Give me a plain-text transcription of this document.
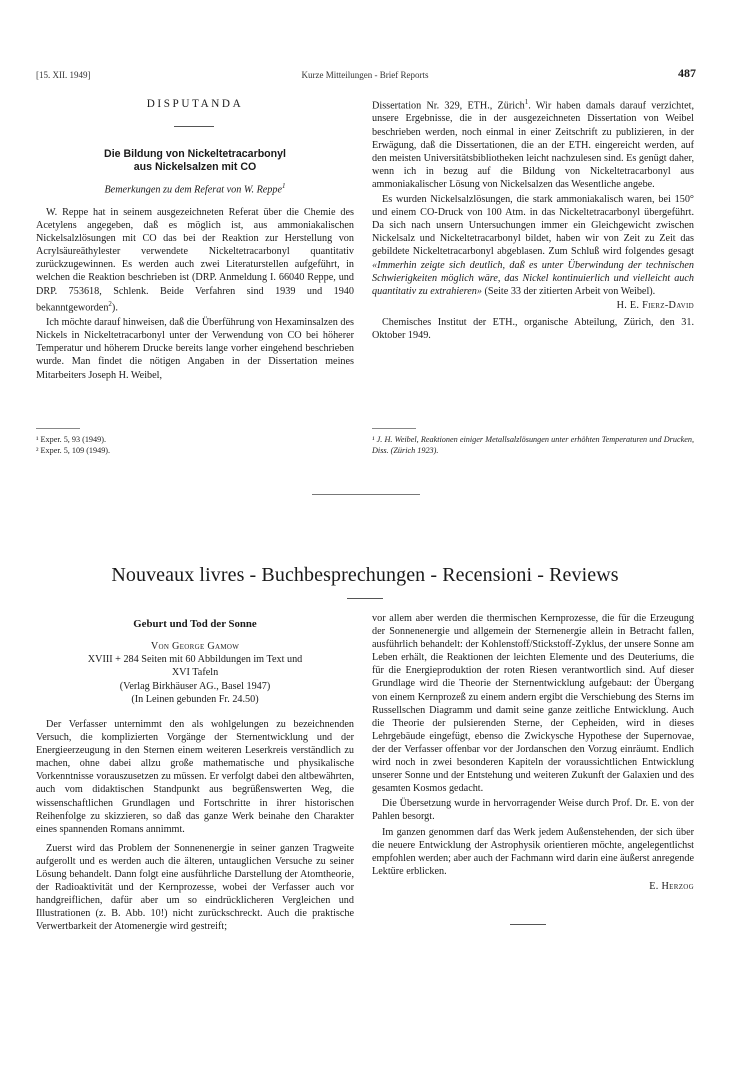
[15. XII. 1949]	Kurze Mitteilungen - Brief Reports	487
DISPUTANDA
Die Bildung von Nickeltetracarbonyl
aus Nickelsalzen mit CO
Bemerkungen zu dem Referat von W. Reppe$^1$

W. Reppe hat in seinem ausgezeichneten Referat über die Chemie des Acetylens angegeben, daß es möglich ist, aus ammoniakalischen Nickelsalzlösungen mit CO das bei der Reaktion zur Herstellung von Acrylsäureäthylester verwendete Nickeltetracarbonyl quantitativ zurückzugewinnen. Es werden auch zwei Literaturstellen aufgeführt, in welchen die Reaktion beschrieben ist (DRP. Anmeldung I. 66040 Reppe, und DRP. 753618, Schlenk. Beide Verfahren sind 1939 und 1940 bekanntgeworden$^2$).

Ich möchte darauf hinweisen, daß die Überführung von Hexaminsalzen des Nickels in Nickeltetracarbonyl unter der Verwendung von CO bei höherer Temperatur und höherem Drucke bereits lange vorher eingehend beschrieben wurde. Man findet die nötigen Angaben in der Dissertation meines Mitarbeiters Joseph H. Weibel,

Dissertation Nr. 329, ETH., Zürich$^1$. Wir haben damals darauf verzichtet, unsere Ergebnisse, die in der ausgezeichneten Dissertation von Weibel beschrieben werden, noch einmal in einer Zeitschrift zu publizieren, in der Erwägung, daß die Dissertationen, die an der ETH. eingereicht werden, auf den meisten Universitätsbibliotheken leicht nachzulesen sind. Es genügt daher, wenn ich in bezug auf die Bildung von Nickeltetracarbonyl aus ammoniakalischer Lösung von Nickelsalzen das Wesentliche angebe.

Es wurden Nickelsalzlösungen, die stark ammoniakalisch waren, bei 150° und einem CO-Druck von 100 Atm. in das Nickeltetracarbonyl übergeführt. Da sich nach unsern Untersuchungen immer ein Gleichgewicht zwischen Nickelsalz und Nickeltetracarbonyl bildet, haben wir von Zeit zu Zeit das gebildete Nickeltetracarbonyl abgeblasen. Zum Schluß wird folgendes gesagt «Immerhin zeigte sich deutlich, daß es unter Überwindung der technischen Schwierigkeiten möglich wäre, das Nickel kontinuierlich und vielleicht auch quantitativ zu extrahieren» (Seite 33 der zitierten Arbeit von Weibel).

H. E. Fierz-David

Chemisches Institut der ETH., organische Abteilung, Zürich, den 31. Oktober 1949.

¹ Exper. 5, 93 (1949).
² Exper. 5, 109 (1949).
¹ J. H. Weibel, Reaktionen einiger Metallsalzlösungen unter erhöhten Temperaturen und Drucken, Diss. (Zürich 1923).
Nouveaux livres - Buchbesprechungen - Recensioni - Reviews
Geburt und Tod der Sonne
Von George Gamow
XVIII + 284 Seiten mit 60 Abbildungen im Text und
XVI Tafeln
(Verlag Birkhäuser AG., Basel 1947)
(In Leinen gebunden Fr. 24.50)

Der Verfasser unternimmt den als wohlgelungen zu bezeichnenden Versuch, die komplizierten Vorgänge der Sternentwicklung und der Energieerzeugung in den Sternen einem weiteren Leserkreis verständlich zu machen, ohne dabei allzu große mathematische und physikalische Vorkenntnisse vorauszusetzen zu müssen. Er verfolgt dabei den altbewährten, auch vom didaktischen Standpunkt aus begrüßenswerten Weg, die wissenschaftlichen Grundlagen und Fortschritte in ihrer historischen Reihenfolge zu skizzieren, so daß das ganze Werk beinahe den Charakter eines spannenden Romans annimmt.

Zuerst wird das Problem der Sonnenenergie in seiner ganzen Tragweite aufgerollt und es werden auch die älteren, untauglichen Versuche zu seiner Lösung behandelt. Dann folgt eine ausführliche Darstellung der Atomtheorie, der Radioaktivität und der Kernprozesse, wobei der Verfasser auch vor handgreiflichen, dafür aber um so eindrücklicheren Vergleichen und Illustrationen (z. B. Abb. 10!) nicht zurückschreckt. Auch die praktische Verwertbarkeit der Atomenergie wird gestreift;

vor allem aber werden die thermischen Kernprozesse, die für die Erzeugung der Sonnenenergie und allgemein der Sternenergie allein in Betracht fallen, ausführlich behandelt: der Kohlenstoff/Stickstoff-Zyklus, der unsere Sonne am Leben erhält, die Reaktionen der leichten Elemente und des Deuteriums, die für die Energieproduktion der roten Riesen verantwortlich sind. Auf dieser Grundlage wird die Theorie der Sternentwicklung aufgebaut: der Übergang von einem Kernprozeß zu einem andern ergibt die Verschiebung des Sterns im Russellschen Diagramm und damit seine ganze zeitliche Entwicklung. Auch die Theorie der pulsierenden Sterne, der Cepheiden, wird in dieses Lehrgebäude eingefügt, ebenso die Zwickysche Hypothese der Supernovae, der der Verfasser offenbar vor der Jordanschen den Vorzug einräumt. Endlich wird noch in zwei besonderen Kapiteln der voraussichtlichen Entwicklung unserer Sonne und der Entstehung und weiteren Zukunft der Galaxien und des gesamten Kosmos gedacht.

Die Übersetzung wurde in hervorragender Weise durch Prof. Dr. E. von der Pahlen besorgt.

Im ganzen genommen darf das Werk jedem Außenstehenden, der sich über die neuere Entwicklung der Astrophysik orientieren möchte, angelegentlichst empfohlen werden; aber auch der Fachmann wird darin eine äußerst anregende Lektüre erblicken.

E. Herzog
